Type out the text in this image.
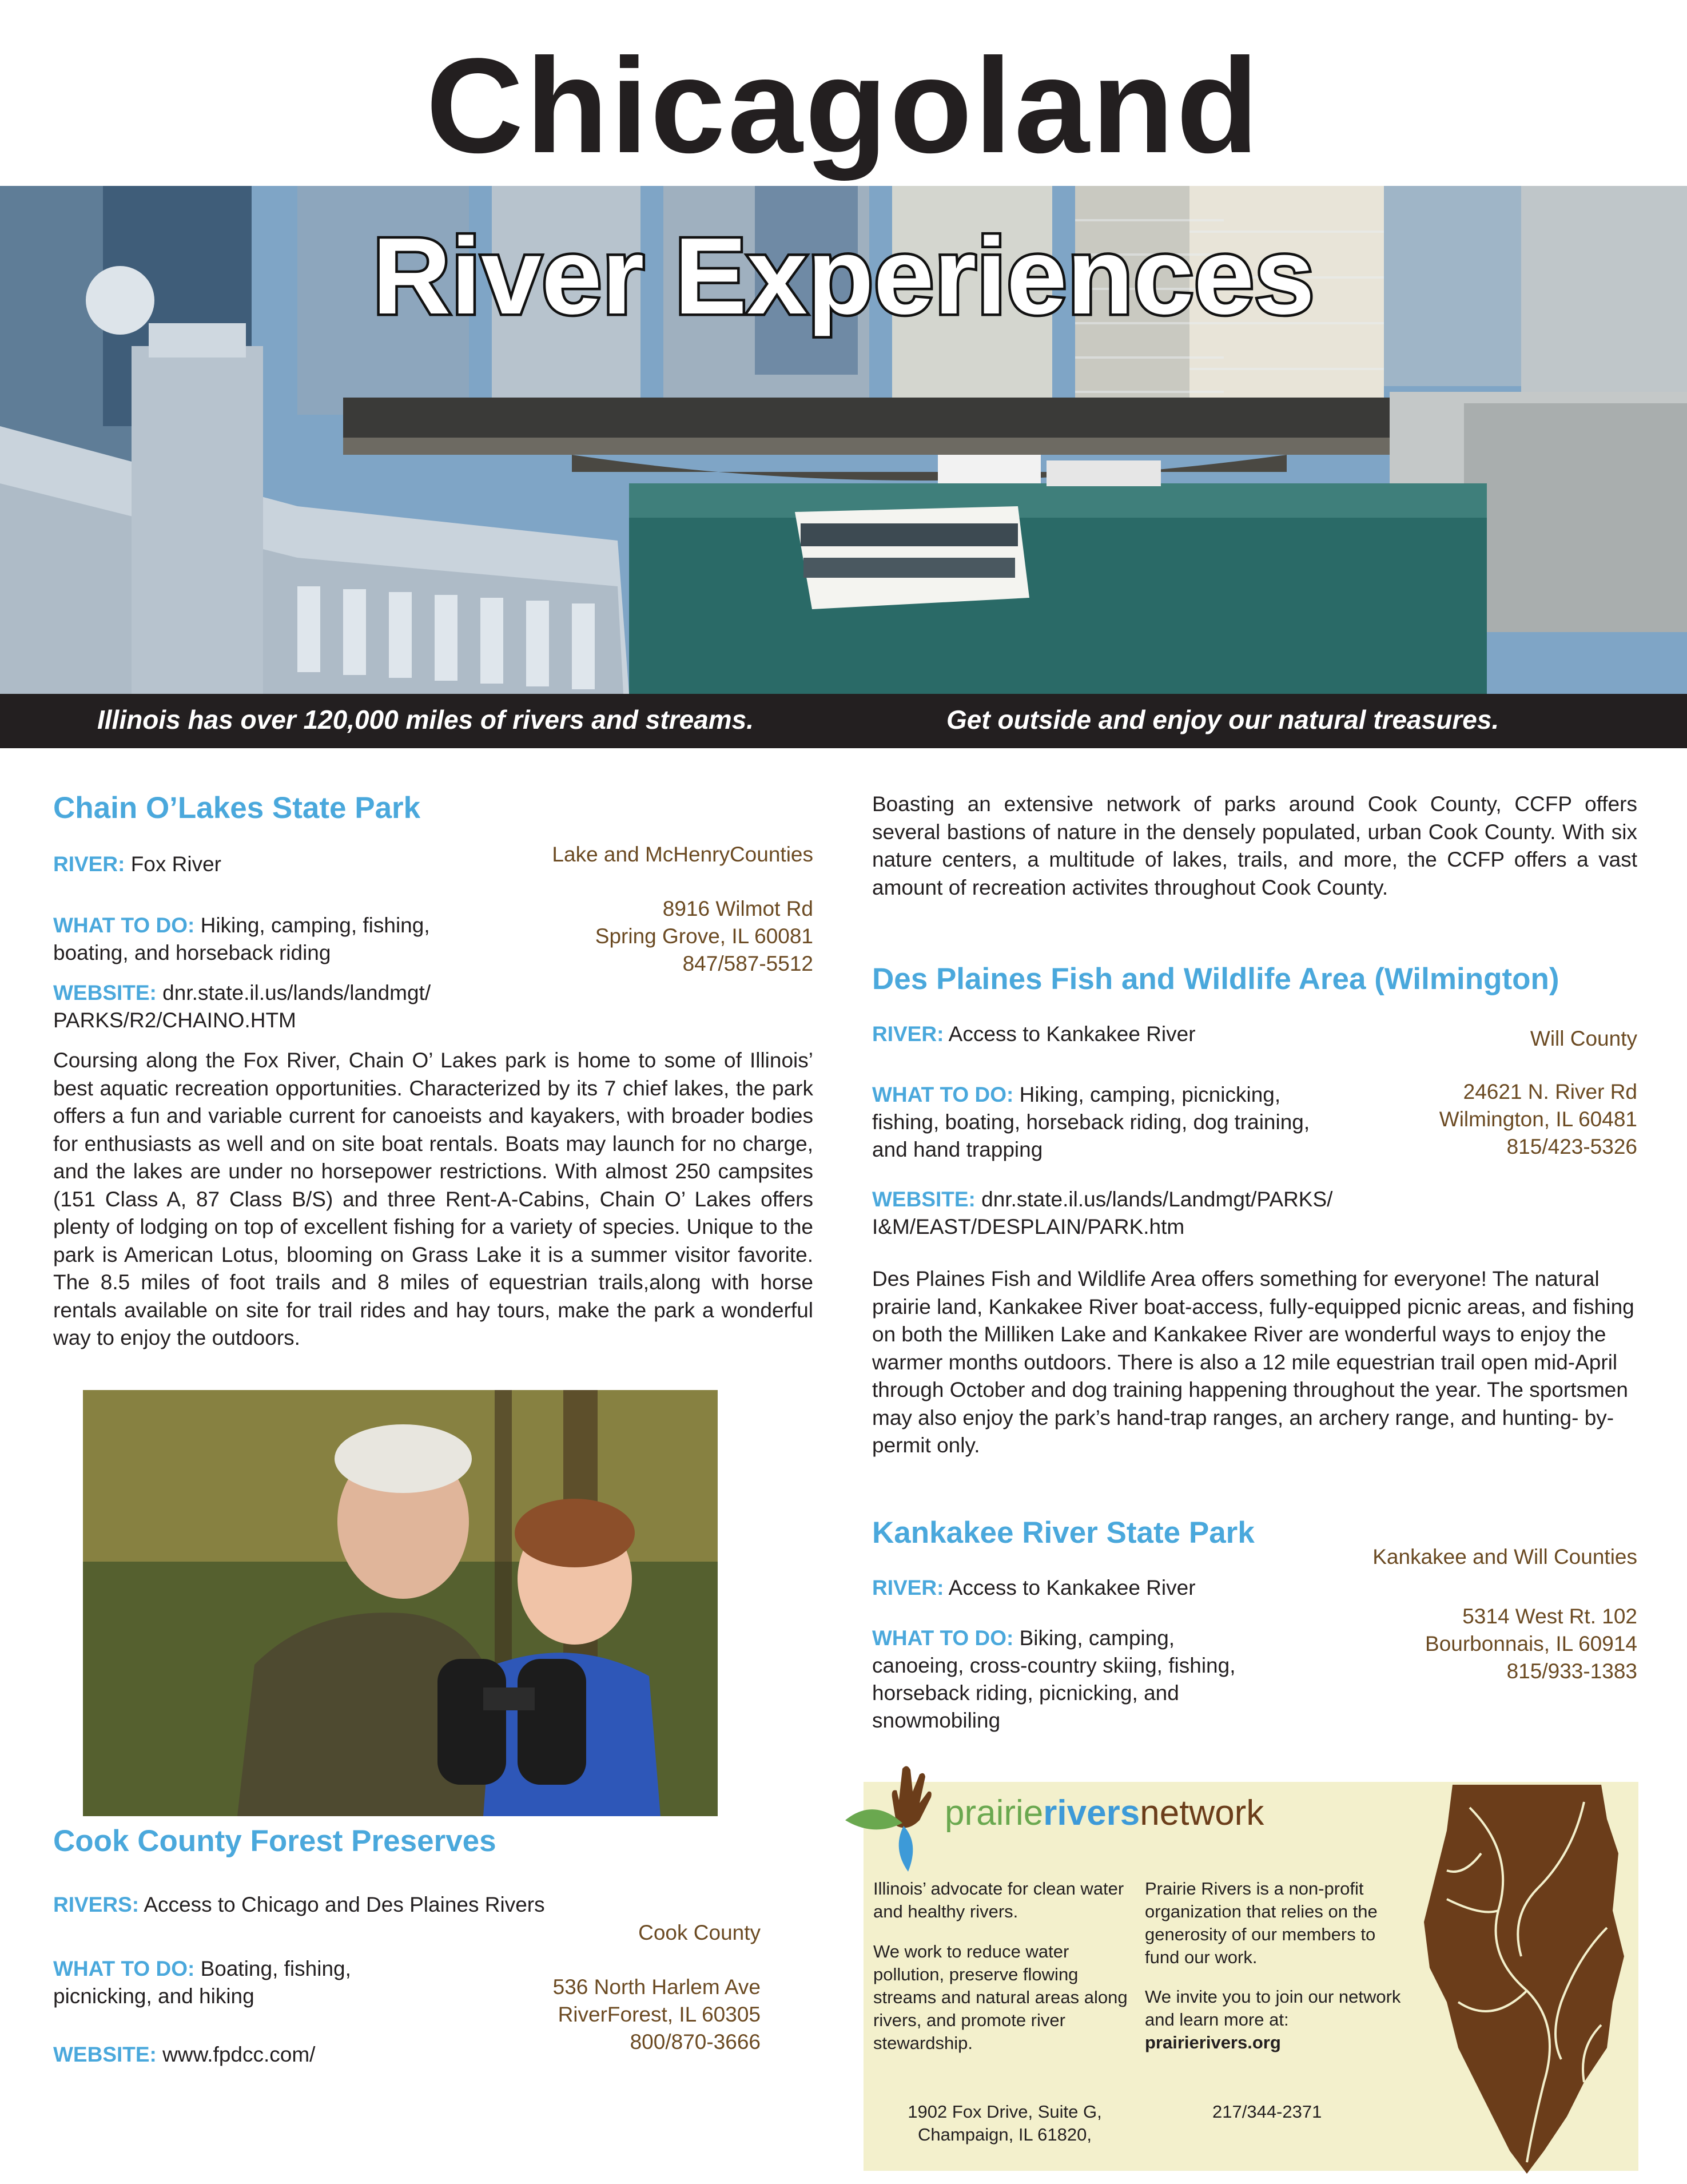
Chicagoland
River Experiences
Illinois has over 120,000 miles of rivers and streams.	Get outside and enjoy our natural treasures.
Chain O’Lakes State Park
RIVER: Fox River	Lake and McHenryCounties
WHAT TO DO: Hiking, camping, fishing,
boating, and horseback riding
8916 Wilmot Rd
Spring Grove, IL 60081
847/587-5512
WEBSITE: dnr.state.il.us/lands/landmgt/
PARKS/R2/CHAINO.HTM
Coursing along the Fox River, Chain O’ Lakes park is home to some of Illinois’ best aquatic recreation opportunities. Characterized by its 7 chief lakes, the park offers a fun and variable current for canoeists and kayakers, with broader bodies for enthusiasts as well and on site boat rentals. Boats may launch for no charge, and the lakes are under no horsepower restrictions. With almost 250 campsites (151 Class A, 87 Class B/S) and three Rent-A-Cabins, Chain O’ Lakes offers plenty of lodging on top of excellent fishing for a variety of species. Unique to the park is American Lotus, blooming on Grass Lake it is a summer visitor favorite. The 8.5 miles of foot trails and 8 miles of equestrian trails,along with horse rentals available on site for trail rides and hay tours, make the park a wonderful way to enjoy the outdoors.
Cook County Forest Preserves
RIVERS: Access to Chicago and Des Plaines Rivers
Cook County
WHAT TO DO: Boating, fishing,
picnicking, and hiking	536 North Harlem Ave
RiverForest, IL 60305
800/870-3666
WEBSITE: www.fpdcc.com/
Boasting an extensive network of parks around Cook County, CCFP offers several bastions of nature in the densely populated, urban Cook County. With six nature centers, a multitude of lakes, trails, and more, the CCFP offers a vast amount of recreation activites throughout Cook County.
Des Plaines Fish and Wildlife Area (Wilmington)
RIVER: Access to Kankakee River	Will County
WHAT TO DO: Hiking, camping, picnicking,
fishing, boating, horseback riding, dog training,
and hand trapping
24621 N. River Rd
Wilmington, IL 60481
815/423-5326
WEBSITE: dnr.state.il.us/lands/Landmgt/PARKS/
I&M/EAST/DESPLAIN/PARK.htm
Des Plaines Fish and Wildlife Area offers something for everyone! The natural prairie land, Kankakee River boat-access, fully-equipped picnic areas, and fishing on both the Milliken Lake and Kankakee River are wonderful ways to enjoy the warmer months outdoors. There is also a 12 mile equestrian trail open mid-April through October and dog training happening throughout the year. The sportsmen may also enjoy the park’s hand-trap ranges, an archery range, and hunting- by- permit only.
Kankakee River State Park
Kankakee and Will Counties
RIVER: Access to Kankakee River
WHAT TO DO: Biking, camping,
canoeing, cross-country skiing, fishing,
horseback riding, picnicking, and
snowmobiling
5314 West Rt. 102
Bourbonnais, IL 60914
815/933-1383
prairieriversnetwork
Illinois’ advocate for clean water and healthy rivers.
We work to reduce water pollution, preserve flowing streams and natural areas along rivers, and promote river stewardship.
Prairie Rivers is a non-profit organization that relies on the generosity of our members to fund our work.
We invite you to join our network and learn more at:
prairierivers.org
1902 Fox Drive, Suite G,
Champaign, IL 61820,
217/344-2371
